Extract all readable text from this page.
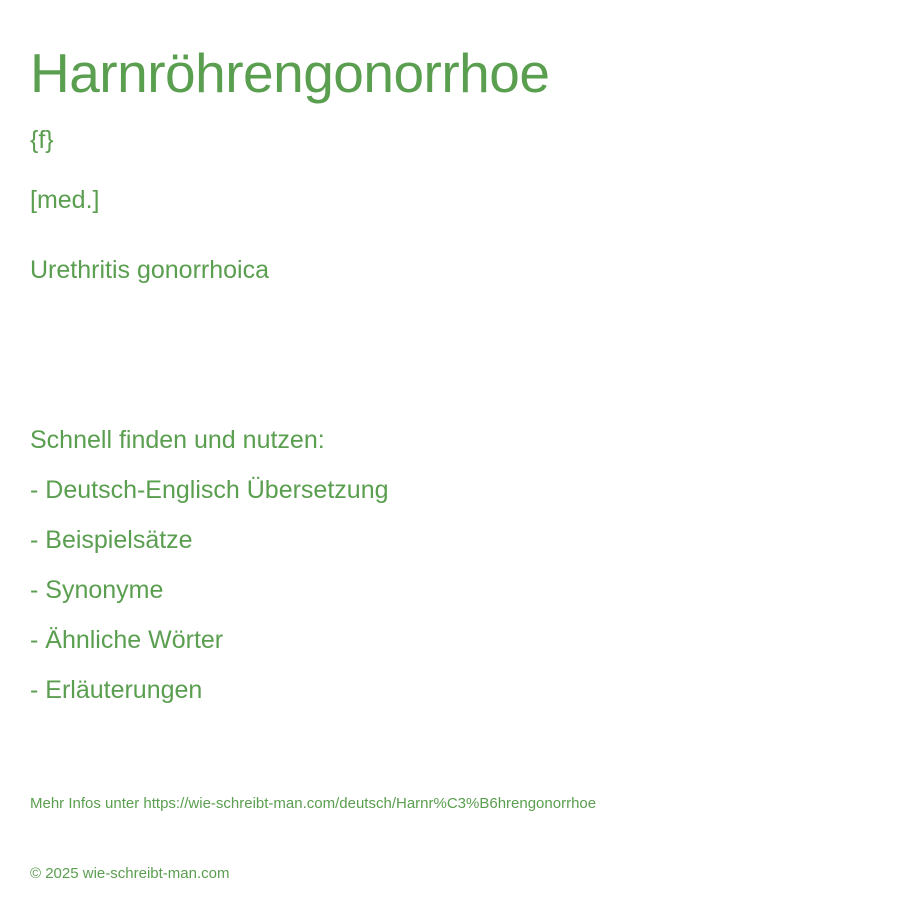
Harnröhrengonorrhoe
{f}
[med.]
Urethritis gonorrhoica
Schnell finden und nutzen:
- Deutsch-Englisch Übersetzung
- Beispielsätze
- Synonyme
- Ähnliche Wörter
- Erläuterungen
Mehr Infos unter https://wie-schreibt-man.com/deutsch/Harnr%C3%B6hrengonorrhoe
© 2025 wie-schreibt-man.com
